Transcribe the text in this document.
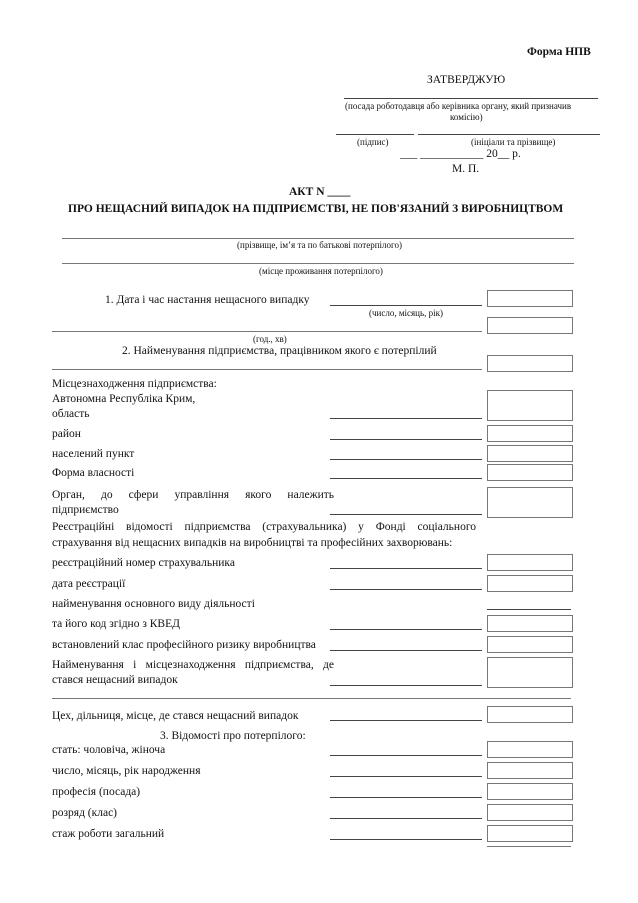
Форма НПВ
ЗАТВЕРДЖУЮ
(посада роботодавця або керівника органу, який призначив
комісію)
(підпис)	(ініціали та прізвище)
___ ___________ 20__ р.
М. П.
АКТ N ____
ПРО НЕЩАСНИЙ ВИПАДОК НА ПІДПРИЄМСТВІ, НЕ ПОВ'ЯЗАНИЙ З ВИРОБНИЦТВОМ
(прізвище, ім’я та по батькові потерпілого)
(місце проживання потерпілого)
1. Дата і час настання нещасного випадку
(число, місяць, рік)
(год., хв)
2. Найменування підприємства, працівником якого є потерпілий
Місцезнаходження підприємства:
Автономна Республіка Крим,
область
район
населений пункт
Форма власності
Орган, до сфери управління якого належить
підприємство
Реєстраційні відомості підприємства (страхувальника) у Фонді соціального
страхування від нещасних випадків на виробництві та професійних захворювань:
реєстраційний номер страхувальника
дата реєстрації
найменування основного виду діяльності
та його код згідно з КВЕД
встановлений клас професійного ризику виробництва
Найменування і місцезнаходження підприємства, де
стався нещасний випадок
Цех, дільниця, місце, де стався нещасний випадок
3. Відомості про потерпілого:
стать: чоловіча, жіноча
число, місяць, рік народження
професія (посада)
розряд (клас)
стаж роботи загальний
